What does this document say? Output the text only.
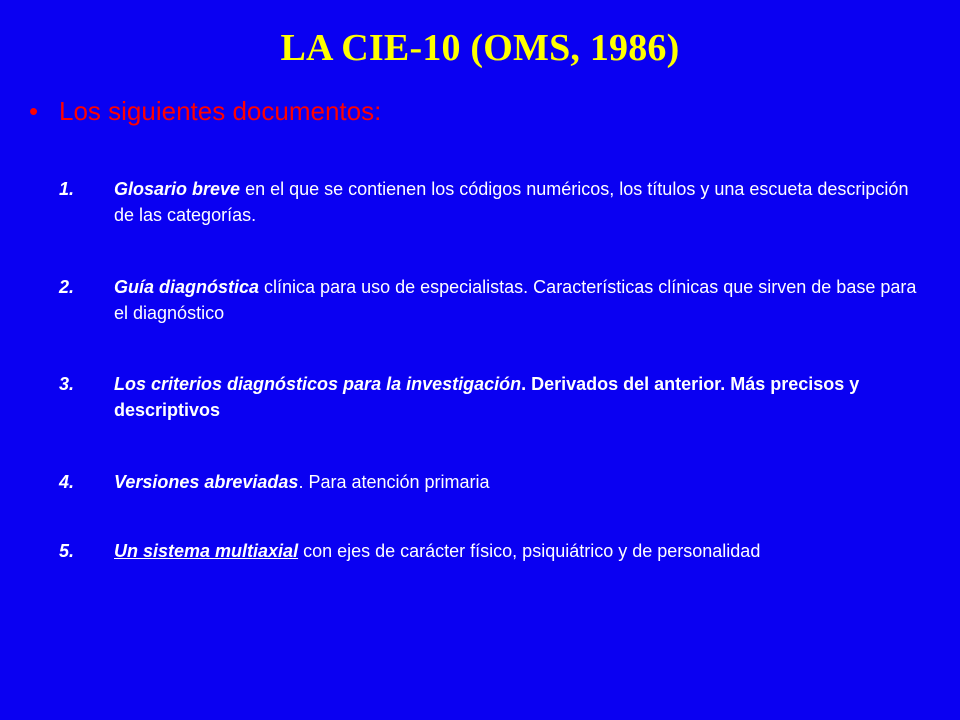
LA CIE-10 (OMS, 1986)
• Los siguientes documentos:
1. Glosario breve en el que se contienen los códigos numéricos, los títulos y una escueta descripción de las categorías.
2. Guía diagnóstica clínica para uso de especialistas. Características clínicas que sirven de base para el diagnóstico
3. Los criterios diagnósticos para la investigación. Derivados del anterior. Más precisos y descriptivos
4. Versiones abreviadas. Para atención primaria
5. Un sistema multiaxial con ejes de carácter físico, psiquiátrico y de personalidad
